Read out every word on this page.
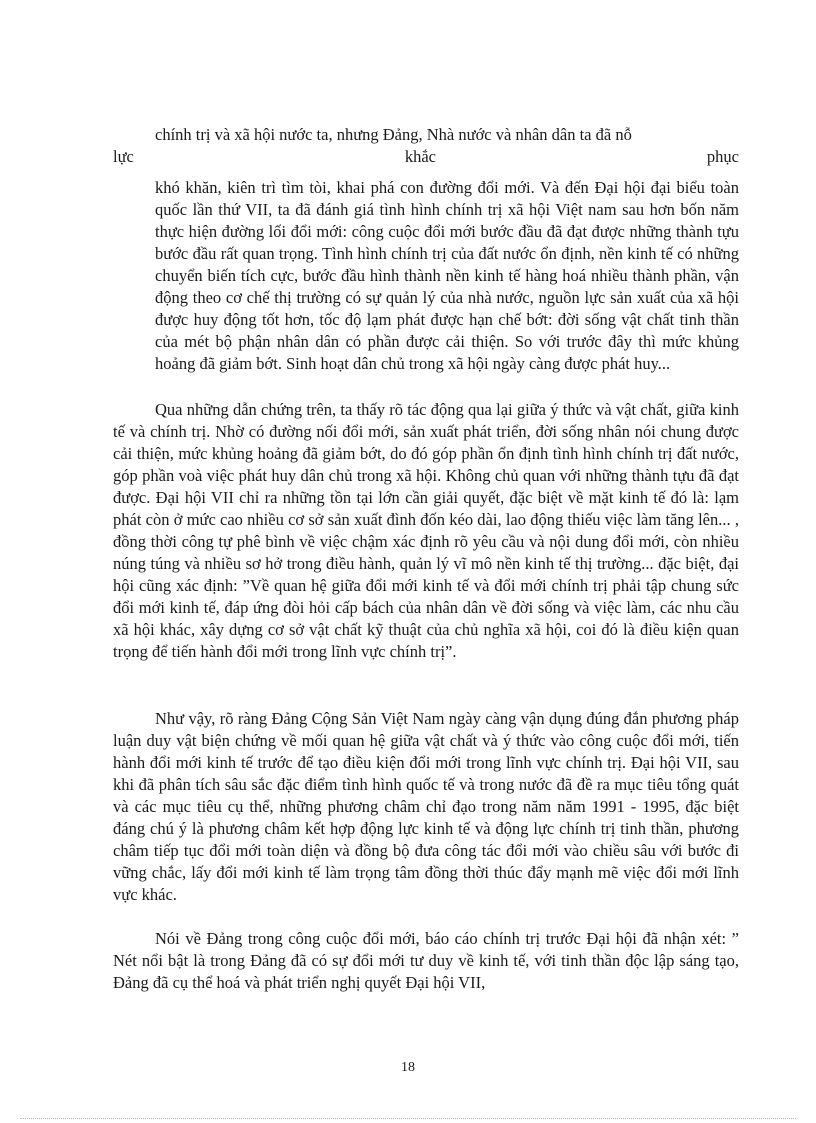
chính trị và xã hội nước ta, nhưng Đảng, Nhà nước và nhân dân ta đã nỗ
lực	khắc	phục
khó khăn, kiên trì tìm tòi, khai phá con đường đổi mới. Và đến Đại hội đại biểu toàn quốc lần thứ VII, ta đã đánh giá tình hình chính trị xã hội Việt nam sau hơn bốn năm thực hiện đường lối đổi mới: công cuộc đổi mới bước đầu đã đạt được những thành tựu bước đầu rất quan trọng. Tình hình chính trị của đất nước ổn định, nền kinh tế có những chuyển biến tích cực, bước đầu hình thành nền kinh tế hàng hoá nhiều thành phần, vận động theo cơ chế thị trường có sự quản lý của nhà nước, nguồn lực sản xuất của xã hội được huy động tốt hơn, tốc độ lạm phát được hạn chế bớt: đời sống vật chất tinh thần của mét bộ phận nhân dân có phần được cải thiện. So với trước đây thì mức khủng hoảng đã giảm bớt. Sinh hoạt dân chủ trong xã hội ngày càng được phát huy...

Qua những dẫn chứng trên, ta thấy rõ tác động qua lại giữa ý thức và vật chất, giữa kinh tế và chính trị. Nhờ có đường nối đổi mới, sản xuất phát triển, đời sống nhân nói chung được cải thiện, mức khủng hoảng đã giảm bớt, do đó góp phần ổn định tình hình chính trị đất nước, góp phần voà việc phát huy dân chủ trong xã hội. Không chủ quan với những thành tựu đã đạt được. Đại hội VII chỉ ra những tồn tại lớn cần giải quyết, đặc biệt về mặt kinh tế đó là: lạm phát còn ở mức cao nhiều cơ sở sản xuất đình đốn kéo dài, lao động thiếu việc làm tăng lên... , đồng thời công tự phê bình về việc chậm xác định rõ yêu cầu và nội dung đổi mới, còn nhiều núng túng và nhiều sơ hở trong điều hành, quản lý vĩ mô nền kinh tế thị trường... đặc biệt, đại hội cũng xác định: ”Về quan hệ giữa đổi mới kinh tế và đổi mới chính trị phải tập chung sức đổi mới kinh tế, đáp ứng đòi hỏi cấp bách của nhân dân về đời sống và việc làm, các nhu cầu xã hội khác, xây dựng cơ sở vật chất kỹ thuật của chủ nghĩa xã hội, coi đó là điều kiện quan trọng để tiến hành đổi mới trong lĩnh vực chính trị”.

Như vậy, rõ ràng Đảng Cộng Sản Việt Nam ngày càng vận dụng đúng đắn phương pháp luận duy vật biện chứng về mối quan hệ giữa vật chất và ý thức vào công cuộc đổi mới, tiến hành đổi mới kinh tế trước để tạo điều kiện đổi mới trong lĩnh vực chính trị. Đại hội VII, sau khi đã phân tích sâu sắc đặc điểm tình hình quốc tế và trong nước đã đề ra mục tiêu tổng quát và các mục tiêu cụ thể, những phương châm chỉ đạo trong năm năm 1991 - 1995, đặc biệt đáng chú ý là phương châm kết hợp động lực kinh tế và động lực chính trị tinh thần, phương châm tiếp tục đổi mới toàn diện và đồng bộ đưa công tác đổi mới vào chiều sâu với bước đi vững chắc, lấy đổi mới kinh tế làm trọng tâm đồng thời thúc đẩy mạnh mẽ việc đổi mới lĩnh vực khác.

Nói về Đảng trong công cuộc đổi mới, báo cáo chính trị trước Đại hội đã nhận xét: ” Nét nổi bật là trong Đảng đã có sự đổi mới tư duy về kinh tế, với tinh thần độc lập sáng tạo, Đảng đã cụ thể hoá và phát triển nghị quyết Đại hội VII,

18
